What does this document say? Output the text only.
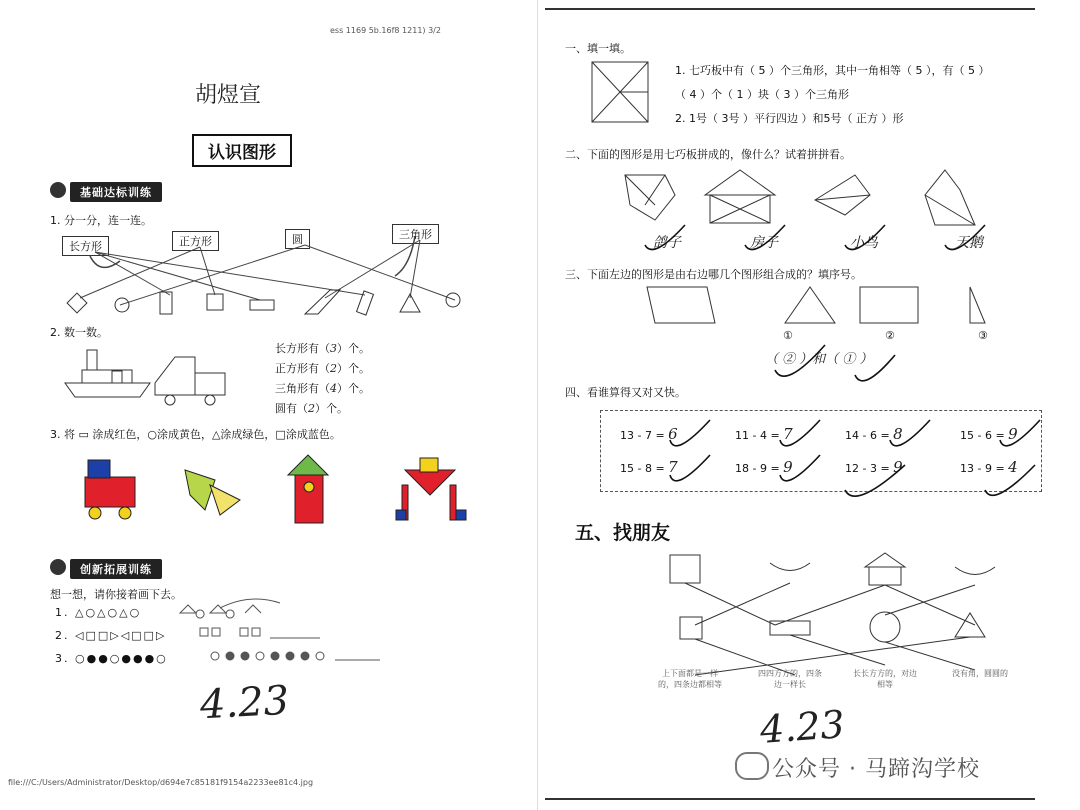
ess 1169 5b.16f8 1211) 3/2
胡煜宣
认识图形
基础达标训练
1. 分一分，连一连。
长方形	正方形	圆	三角形
2. 数一数。
长方形有（3）个。
正方形有（2）个。
三角形有（4）个。
圆有（2）个。
3. 将 ▭ 涂成红色，○涂成黄色，△涂成绿色，□涂成蓝色。
创新拓展训练
想一想，请你接着画下去。
1. △○△○△○
2. ◁□□▷◁□□▷
3. ○●●○●●●○
4.23
file:///C:/Users/Administrator/Desktop/d694e7c85181f9154a2233ee81c4.jpg
一、填一填。
1. 七巧板中有（ 5 ）个三角形，其中一角相等（ 5 ），有（ 5 ）
（ 4 ）个（ 1 ）块（ 3 ）个三角形
2. 1号（ 3号 ）平行四边 ）和5号（ 正方 ）形
二、下面的图形是用七巧板拼成的，像什么？试着拼拼看。
鸽子	房子	小鸟	天鹅
三、下面左边的图形是由右边哪几个图形组合成的？填序号。
①	②	③
（ ② ）和（ ① ）
四、看谁算得又对又快。
13 - 7 = 6	11 - 4 = 7	14 - 6 = 8	15 - 6 = 9
15 - 8 = 7	18 - 9 = 9	12 - 3 = 9	13 - 9 = 4
五、找朋友
上下面都是一样的，四条边都相等
四四方方的，四条边一样长
长长方方的，对边相等
没有角，圆圆的
4.23
公众号 · 马蹄沟学校
